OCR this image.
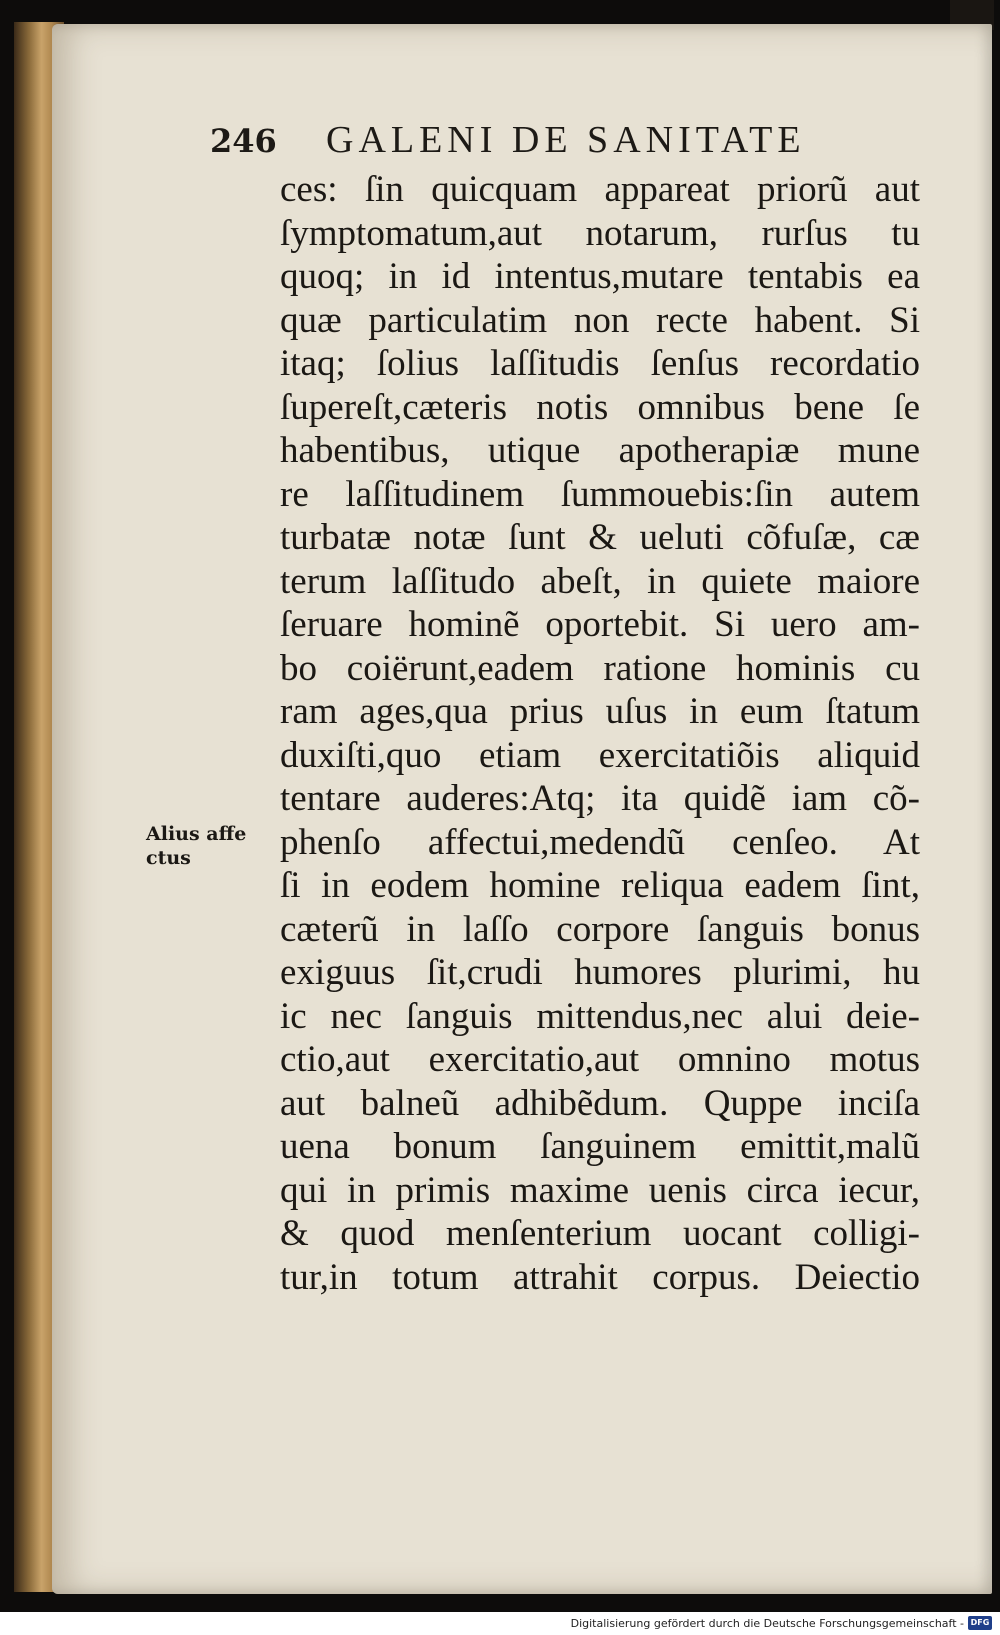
246	GALENI DE SANITATE
Alius affe
ctus
ces: ſin quicquam appareat priorũ aut
ſymptomatum,aut notarum, rurſus tu
quoq; in id intentus,mutare tentabis ea
quæ particulatim non recte habent. Si
itaq; ſolius laſſitudis ſenſus recordatio
ſupereſt,cæteris notis omnibus bene ſe
habentibus, utique apotherapiæ mune
re laſſitudinem ſummouebis:ſin autem
turbatæ notæ ſunt & ueluti cõfuſæ, cæ
terum laſſitudo abeſt, in quiete maiore
ſeruare hominẽ oportebit. Si uero am-
bo coiërunt,eadem ratione hominis cu
ram ages,qua prius uſus in eum ſtatum
duxiſti,quo etiam exercitatiõis aliquid
tentare auderes:Atq; ita quidẽ iam cõ-
phenſo affectui,medendũ cenſeo. At
ſi in eodem homine reliqua eadem ſint,
cæterũ in laſſo corpore ſanguis bonus
exiguus ſit,crudi humores plurimi, hu
ic nec ſanguis mittendus,nec alui deie-
ctio,aut exercitatio,aut omnino motus
aut balneũ adhibẽdum. Quppe inciſa
uena bonum ſanguinem emittit,malũ
qui in primis maxime uenis circa iecur,
& quod menſenterium uocant colligi-
tur,in totum attrahit corpus. Deiectio
Digitalisierung gefördert durch die Deutsche Forschungsgemeinschaft - DFG
